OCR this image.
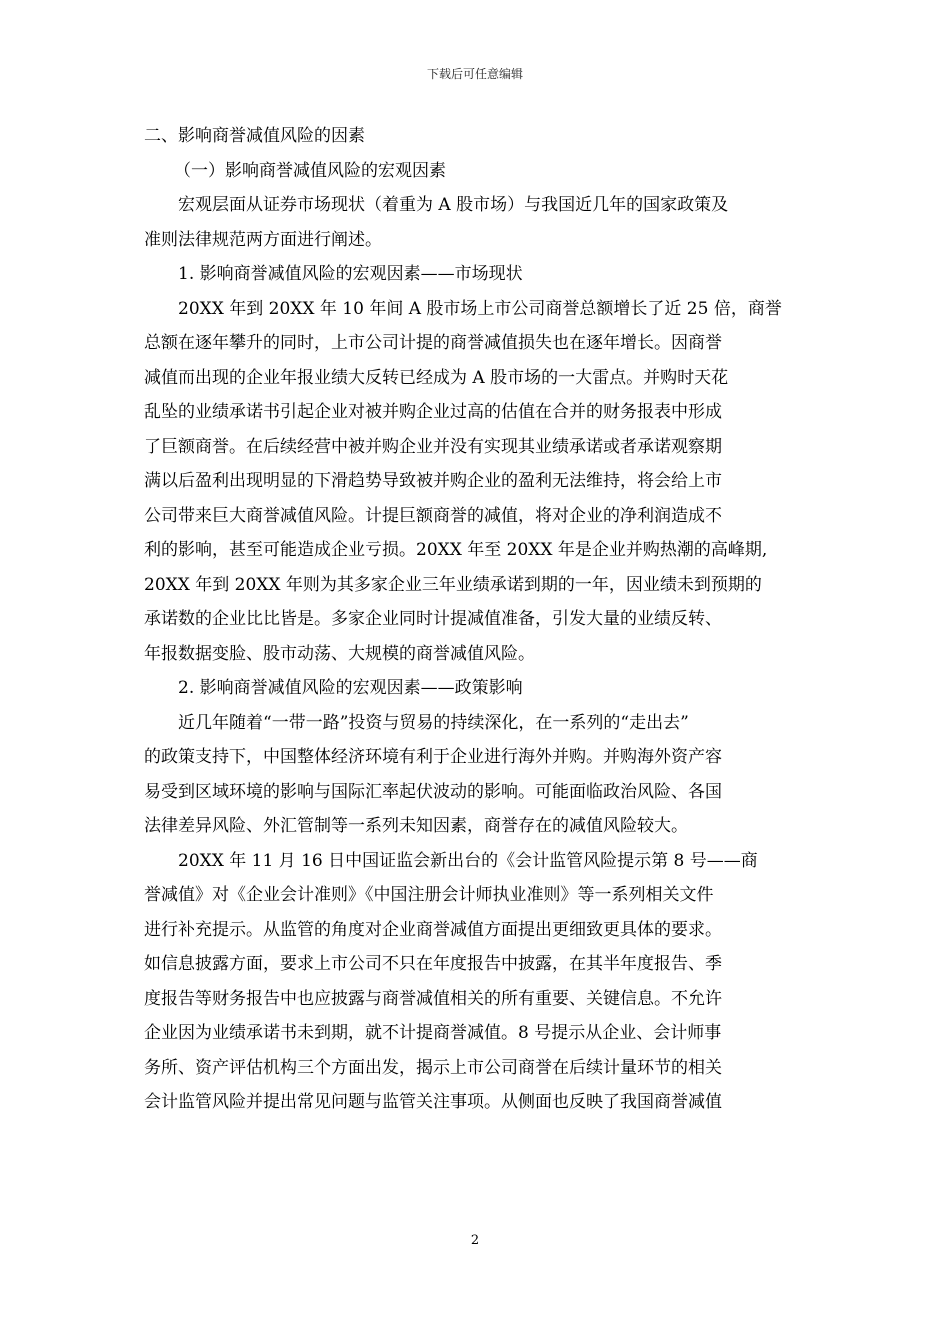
下载后可任意编辑
二、影响商誉减值风险的因素
（一）影响商誉减值风险的宏观因素
宏观层面从证券市场现状（着重为 A 股市场）与我国近几年的国家政策及
准则法律规范两方面进行阐述。
1. 影响商誉减值风险的宏观因素——市场现状
20XX 年到 20XX 年 10 年间 A 股市场上市公司商誉总额增长了近 25 倍，商誉
总额在逐年攀升的同时，上市公司计提的商誉减值损失也在逐年增长。因商誉
减值而出现的企业年报业绩大反转已经成为 A 股市场的一大雷点。并购时天花
乱坠的业绩承诺书引起企业对被并购企业过高的估值在合并的财务报表中形成
了巨额商誉。在后续经营中被并购企业并没有实现其业绩承诺或者承诺观察期
满以后盈利出现明显的下滑趋势导致被并购企业的盈利无法维持，将会给上市
公司带来巨大商誉减值风险。计提巨额商誉的减值，将对企业的净利润造成不
利的影响，甚至可能造成企业亏损。20XX 年至 20XX 年是企业并购热潮的高峰期,
20XX 年到 20XX 年则为其多家企业三年业绩承诺到期的一年，因业绩未到预期的
承诺数的企业比比皆是。多家企业同时计提减值准备，引发大量的业绩反转、
年报数据变脸、股市动荡、大规模的商誉减值风险。
2. 影响商誉减值风险的宏观因素——政策影响
近几年随着“一带一路”投资与贸易的持续深化，在一系列的“走出去”
的政策支持下，中国整体经济环境有利于企业进行海外并购。并购海外资产容
易受到区域环境的影响与国际汇率起伏波动的影响。可能面临政治风险、各国
法律差异风险、外汇管制等一系列未知因素，商誉存在的减值风险较大。
20XX 年 11 月 16 日中国证监会新出台的《会计监管风险提示第 8 号——商
誉减值》对《企业会计准则》《中国注册会计师执业准则》等一系列相关文件
进行补充提示。从监管的角度对企业商誉减值方面提出更细致更具体的要求。
如信息披露方面，要求上市公司不只在年度报告中披露，在其半年度报告、季
度报告等财务报告中也应披露与商誉减值相关的所有重要、关键信息。不允许
企业因为业绩承诺书未到期，就不计提商誉减值。8 号提示从企业、会计师事
务所、资产评估机构三个方面出发，揭示上市公司商誉在后续计量环节的相关
会计监管风险并提出常见问题与监管关注事项。从侧面也反映了我国商誉减值
2
